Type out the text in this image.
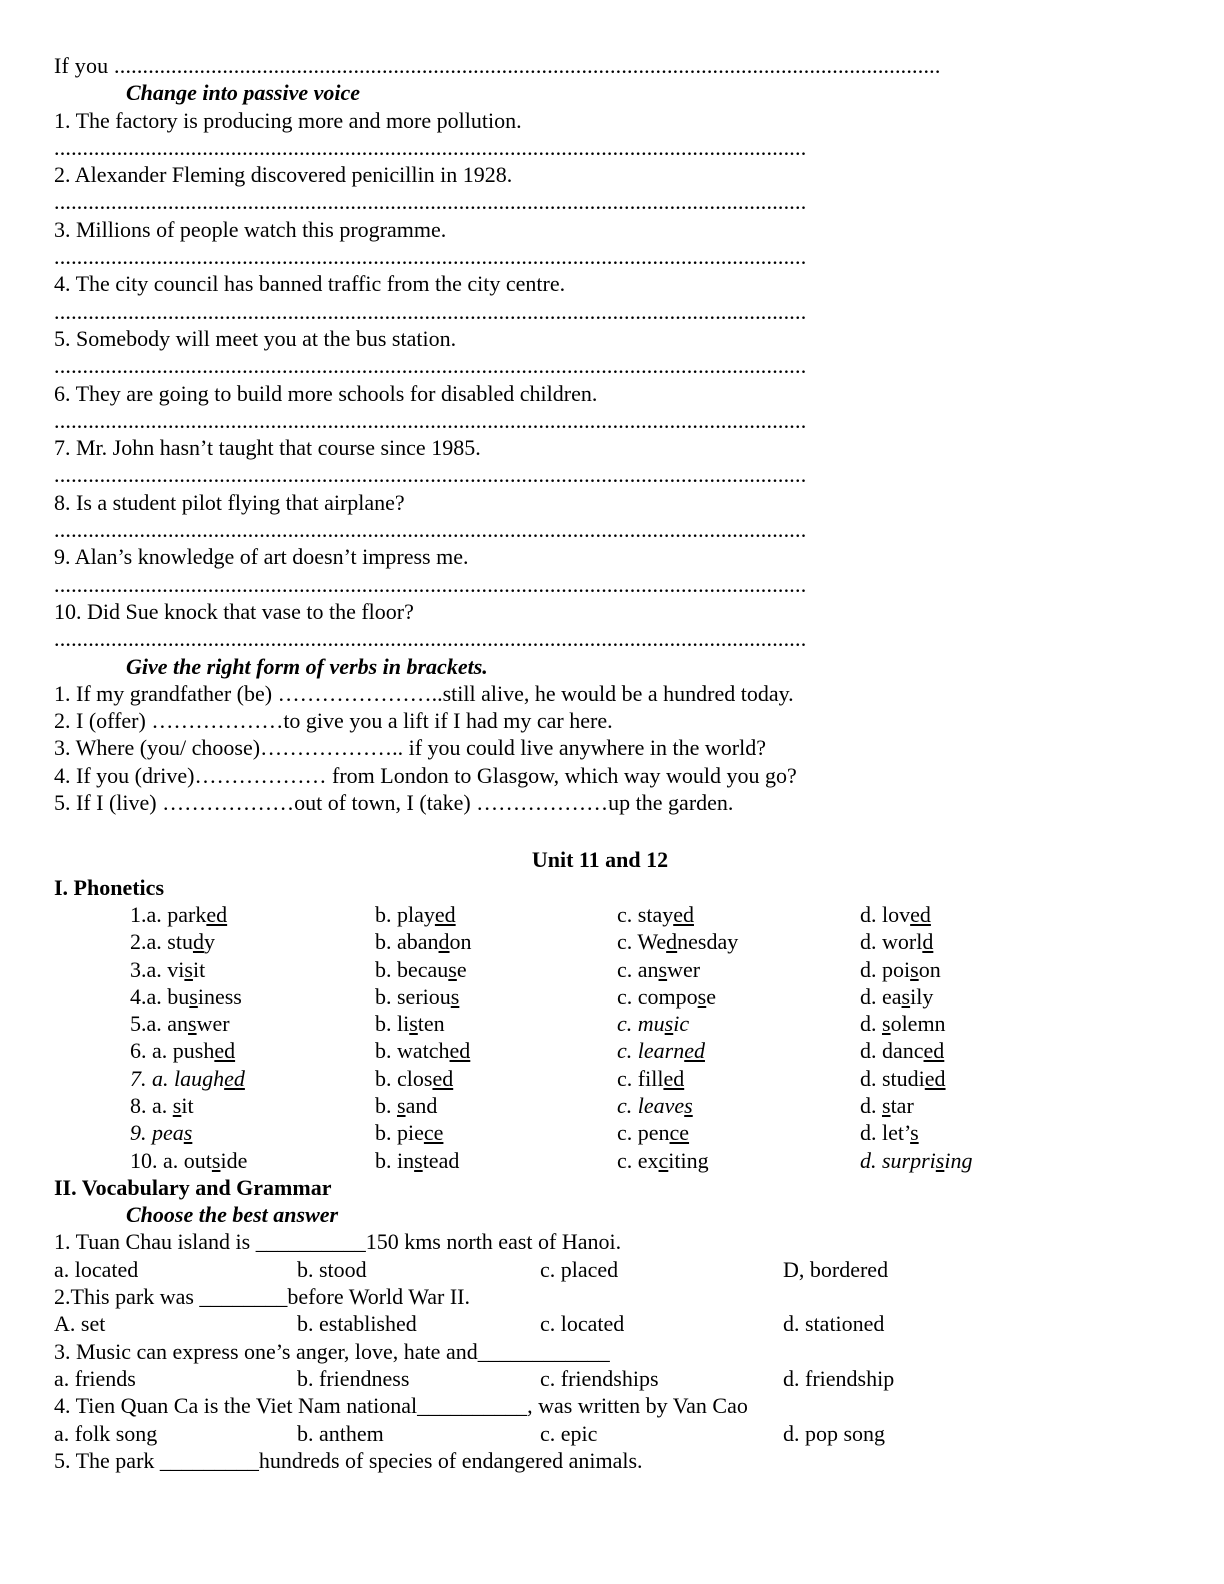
If you .................................................................................................................................................
Change into passive voice
1. The factory is producing more and more pollution.
....................................................................................................................................
2. Alexander Fleming discovered penicillin in 1928.
....................................................................................................................................
3. Millions of people watch this programme.
....................................................................................................................................
4. The city council has banned traffic from the city centre.
....................................................................................................................................
5. Somebody will meet you at the bus station.
....................................................................................................................................
6. They are going to build more schools for disabled children.
....................................................................................................................................
7. Mr. John hasn’t taught that course since 1985.
....................................................................................................................................
8. Is a student pilot flying that airplane?
....................................................................................................................................
9. Alan’s knowledge of art doesn’t impress me.
....................................................................................................................................
10. Did Sue knock that vase to the floor?
....................................................................................................................................
Give the right form of verbs in brackets.
1. If my grandfather (be) …………………..still alive, he would be a hundred today.
2. I (offer) ………………to give you a lift if I had my car here.
3. Where (you/ choose)……………….. if you could live anywhere in the world?
4. If you (drive)……………… from London to Glasgow, which way would you go?
5. If I (live) ………………out of town, I (take) ………………up the garden.
Unit 11 and 12
I. Phonetics
1.a. parked	b. played	c. stayed	d. loved
2.a. study	b. abandon	c. Wednesday	d. world
3.a. visit	b. because	c. answer	d. poison
4.a. business	b. serious	c. compose	d. easily
5.a. answer	b. listen	c. music	d. solemn
6. a. pushed	b. watched	c. learned	d. danced
7. a. laughed	b. closed	c. filled	d. studied
8. a. sit	b. sand	c. leaves	d. star
9. peas	b. piece	c. pence	d. let’s
10. a. outside	b. instead	c. exciting	d. surprising
II. Vocabulary and Grammar
Choose the best answer
1. Tuan Chau island is __________150 kms north east of Hanoi.
a. located	b. stood	c. placed	D, bordered
2.This park was ________before World War II.
A. set	b. established	c. located	d. stationed
3. Music can express one’s anger, love, hate and____________
a. friends	b. friendness	c. friendships	d. friendship
4. Tien Quan Ca is the Viet Nam national__________, was written by Van Cao
a. folk song	b. anthem	c. epic	d. pop song
5. The park _________hundreds of species of endangered animals.
